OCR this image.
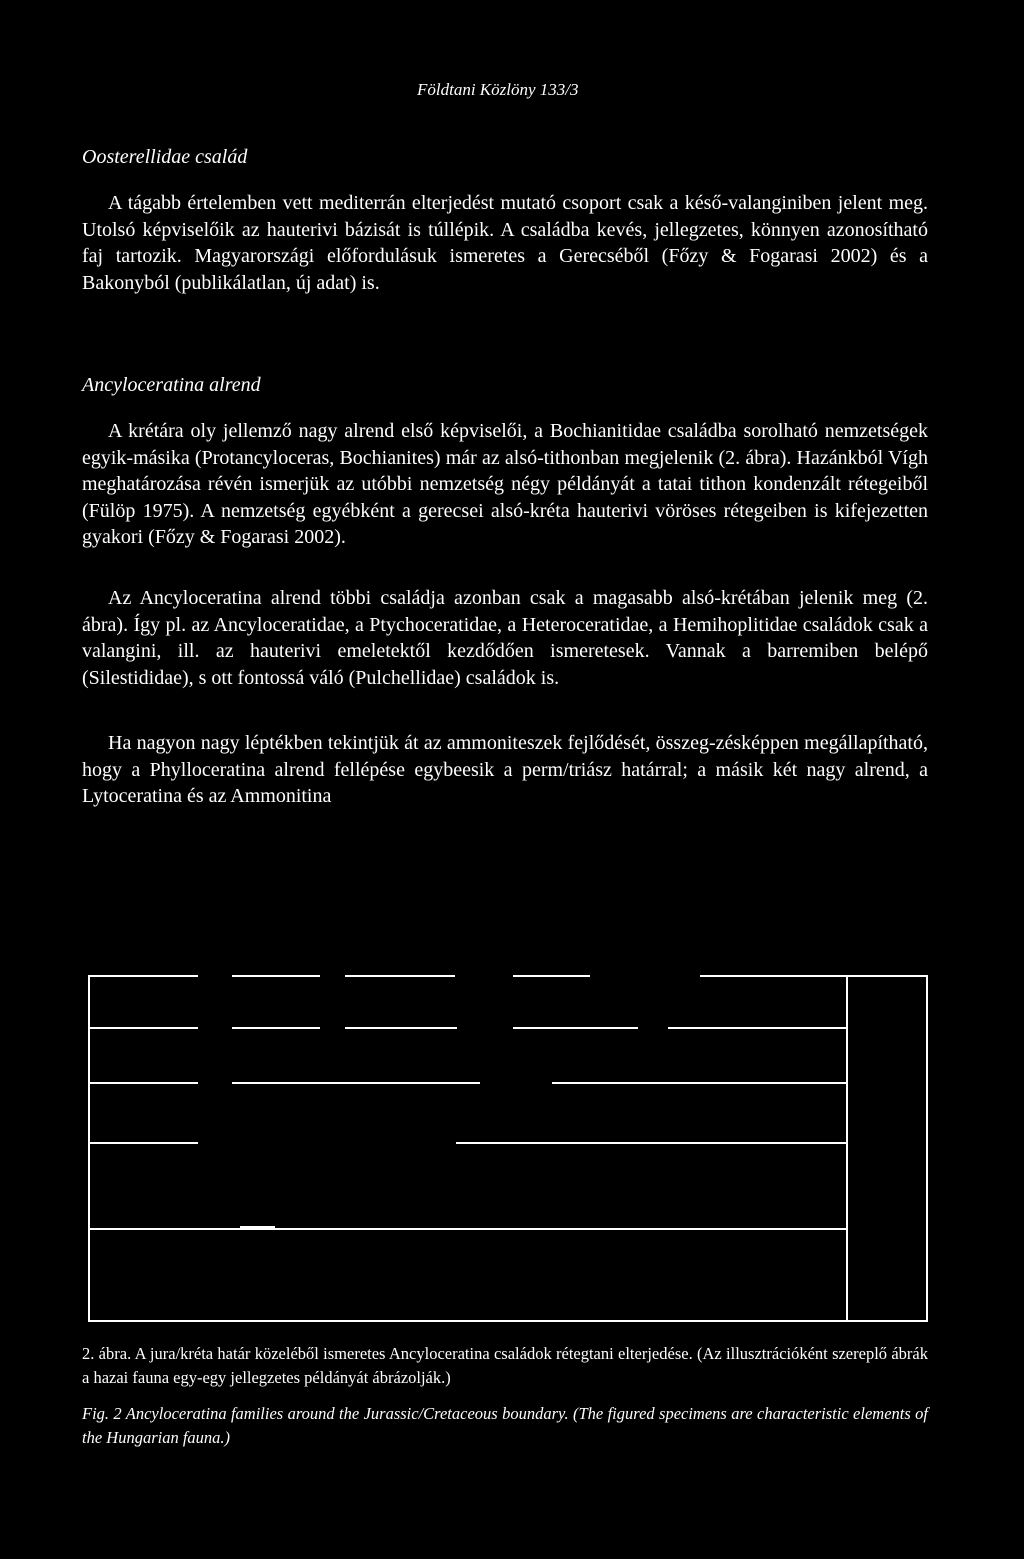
Földtani Közlöny 133/3
Oosterellidae család
A tágabb értelemben vett mediterrán elterjedést mutató csoport csak a késő-valanginiben jelent meg. Utolsó képviselőik az hauterivi bázisát is túllépik. A családba kevés, jellegzetes, könnyen azonosítható faj tartozik. Magyarországi előfordulásuk ismeretes a Gerecséből (Főzy & Fogarasi 2002) és a Bakonyból (publikálatlan, új adat) is.
Ancyloceratina alrend
A krétára oly jellemző nagy alrend első képviselői, a Bochianitidae családba sorolható nemzetségek egyik-másika (Protancyloceras, Bochianites) már az alsó-tithonban megjelenik (2. ábra). Hazánkból Vígh meghatározása révén ismerjük az utóbbi nemzetség négy példányát a tatai tithon kondenzált rétegeiből (Fülöp 1975). A nemzetség egyébként a gerecsei alsó-kréta hauterivi vöröses rétegeiben is kifejezetten gyakori (Főzy & Fogarasi 2002).
Az Ancyloceratina alrend többi családja azonban csak a magasabb alsó-krétában jelenik meg (2. ábra). Így pl. az Ancyloceratidae, a Ptychoceratidae, a Heteroceratidae, a Hemihoplitidae családok csak a valangini, ill. az hauterivi emeletektől kezdődően ismeretesek. Vannak a barremiben belépő (Silestididae), s ott fontossá váló (Pulchellidae) családok is.
Ha nagyon nagy léptékben tekintjük át az ammoniteszek fejlődését, összeg-zésképpen megállapítható, hogy a Phylloceratina alrend fellépése egybeesik a perm/triász határral; a másik két nagy alrend, a Lytoceratina és az Ammonitina
2. ábra. A jura/kréta határ közeléből ismeretes Ancyloceratina családok rétegtani elterjedése. (Az illusztrációként szereplő ábrák a hazai fauna egy-egy jellegzetes példányát ábrázolják.)
Fig. 2 Ancyloceratina families around the Jurassic/Cretaceous boundary. (The figured specimens are characteristic elements of the Hungarian fauna.)
